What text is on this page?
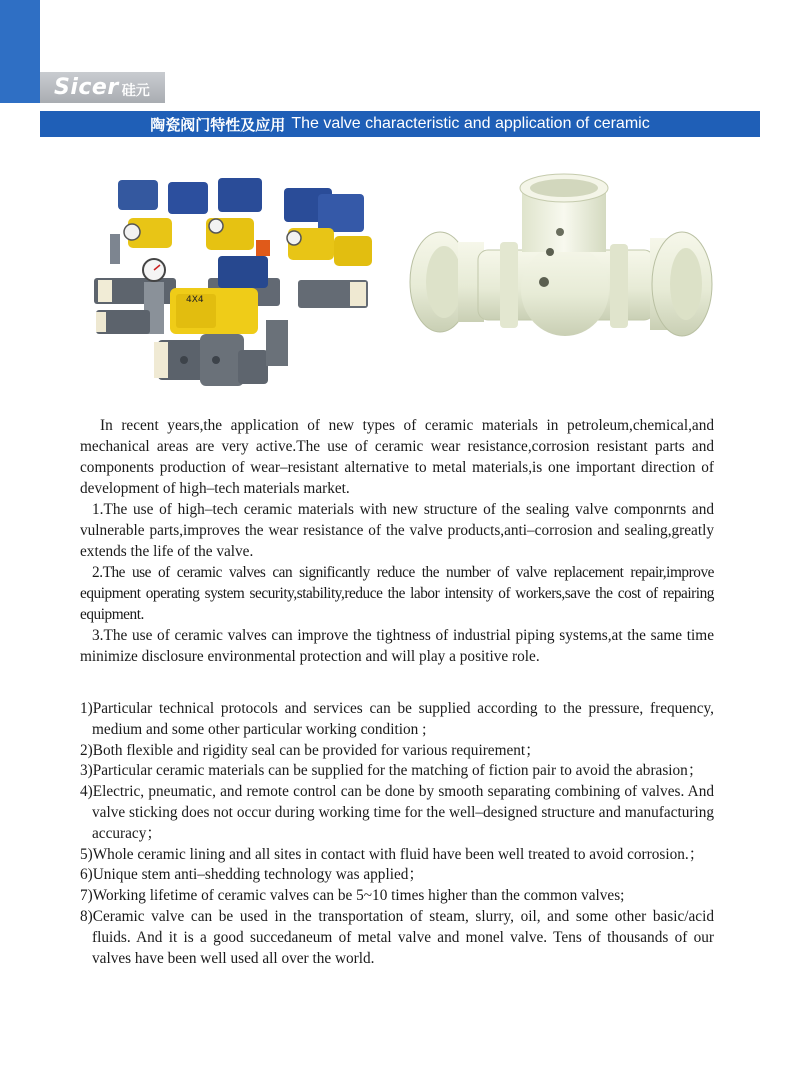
Sicer 硅元
陶瓷阀门特性及应用 The valve characteristic and application of ceramic
4X4

In recent years,the application of new types of ceramic materials in petroleum,chemical,and mechanical areas are very active.The use of ceramic wear resistance,corrosion resistant parts and components production of wear–resistant alternative to metal materials,is one important direction of development of high–tech materials market.

1.The use of high–tech ceramic materials with new structure of the sealing valve componrnts and vulnerable parts,improves the wear resistance of the valve products,anti–corrosion and sealing,greatly extends the life of the valve.

2.The use of ceramic valves can significantly reduce the number of valve replacement repair,improve equipment operating system security,stability,reduce the labor intensity of workers,save the cost of repairing equipment.

3.The use of ceramic valves can improve the tightness of industrial piping systems,at the same time minimize disclosure environmental protection and will play a positive role.

1)Particular technical protocols and services can be supplied according to the pressure, frequency, medium and some other particular working condition ;

2)Both flexible and rigidity seal can be provided for various requirement；

3)Particular ceramic materials can be supplied for the matching of fiction pair to avoid the abrasion；

4)Electric, pneumatic, and remote control can be done by smooth separating combining of valves. And valve sticking does not occur during working time for the well–designed structure and manufacturing accuracy；

5)Whole ceramic lining and all sites in contact with fluid have been well treated to avoid corrosion.；

6)Unique stem anti–shedding technology was applied；

7)Working lifetime of ceramic valves can be 5~10 times higher than the common valves;

8)Ceramic valve can be used in the transportation of steam, slurry, oil, and some other basic/acid fluids. And it is a good succedaneum of metal valve and monel valve. Tens of thousands of our valves have been well used all over the world.
